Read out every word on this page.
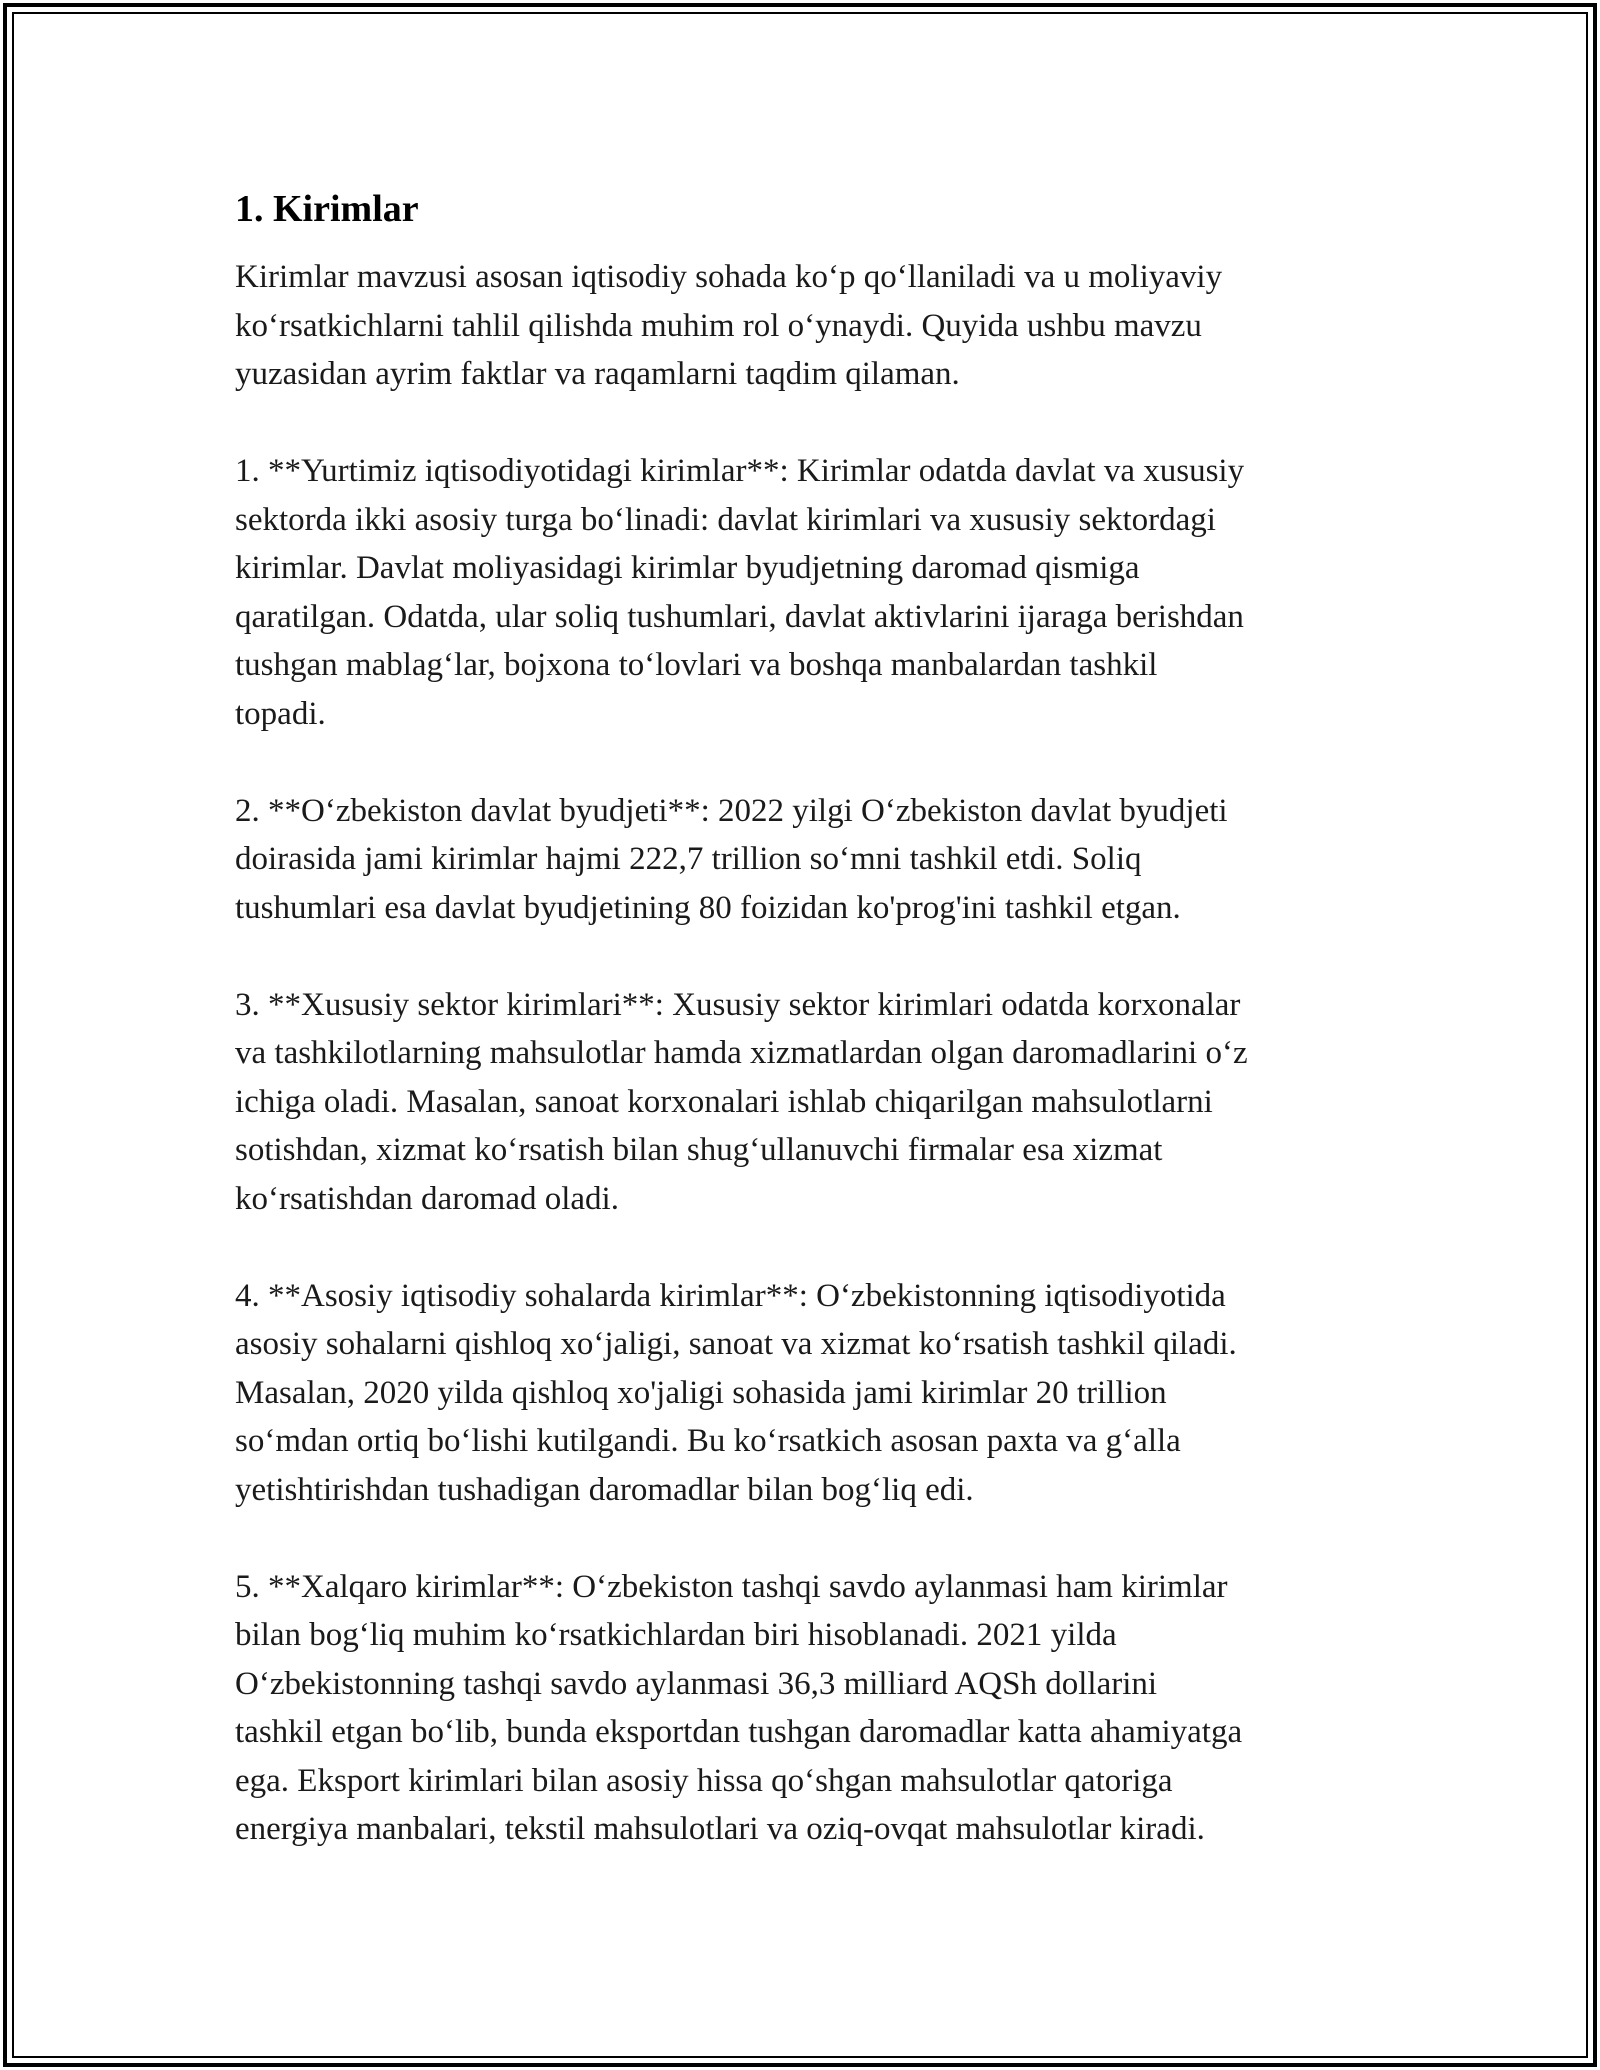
1. Kirimlar
Kirimlar mavzusi asosan iqtisodiy sohada ko‘p qo‘llaniladi va u moliyaviy
ko‘rsatkichlarni tahlil qilishda muhim rol o‘ynaydi. Quyida ushbu mavzu
yuzasidan ayrim faktlar va raqamlarni taqdim qilaman.
1. **Yurtimiz iqtisodiyotidagi kirimlar**: Kirimlar odatda davlat va xususiy
sektorda ikki asosiy turga bo‘linadi: davlat kirimlari va xususiy sektordagi
kirimlar. Davlat moliyasidagi kirimlar byudjetning daromad qismiga
qaratilgan. Odatda, ular soliq tushumlari, davlat aktivlarini ijaraga berishdan
tushgan mablag‘lar, bojxona to‘lovlari va boshqa manbalardan tashkil
topadi.
2. **O‘zbekiston davlat byudjeti**: 2022 yilgi O‘zbekiston davlat byudjeti
doirasida jami kirimlar hajmi 222,7 trillion so‘mni tashkil etdi. Soliq
tushumlari esa davlat byudjetining 80 foizidan ko'prog'ini tashkil etgan.
3. **Xususiy sektor kirimlari**: Xususiy sektor kirimlari odatda korxonalar
va tashkilotlarning mahsulotlar hamda xizmatlardan olgan daromadlarini o‘z
ichiga oladi. Masalan, sanoat korxonalari ishlab chiqarilgan mahsulotlarni
sotishdan, xizmat ko‘rsatish bilan shug‘ullanuvchi firmalar esa xizmat
ko‘rsatishdan daromad oladi.
4. **Asosiy iqtisodiy sohalarda kirimlar**: O‘zbekistonning iqtisodiyotida
asosiy sohalarni qishloq xo‘jaligi, sanoat va xizmat ko‘rsatish tashkil qiladi.
Masalan, 2020 yilda qishloq xo'jaligi sohasida jami kirimlar 20 trillion
so‘mdan ortiq bo‘lishi kutilgandi. Bu ko‘rsatkich asosan paxta va g‘alla
yetishtirishdan tushadigan daromadlar bilan bog‘liq edi.
5. **Xalqaro kirimlar**: O‘zbekiston tashqi savdo aylanmasi ham kirimlar
bilan bog‘liq muhim ko‘rsatkichlardan biri hisoblanadi. 2021 yilda
O‘zbekistonning tashqi savdo aylanmasi 36,3 milliard AQSh dollarini
tashkil etgan bo‘lib, bunda eksportdan tushgan daromadlar katta ahamiyatga
ega. Eksport kirimlari bilan asosiy hissa qo‘shgan mahsulotlar qatoriga
energiya manbalari, tekstil mahsulotlari va oziq-ovqat mahsulotlar kiradi.
